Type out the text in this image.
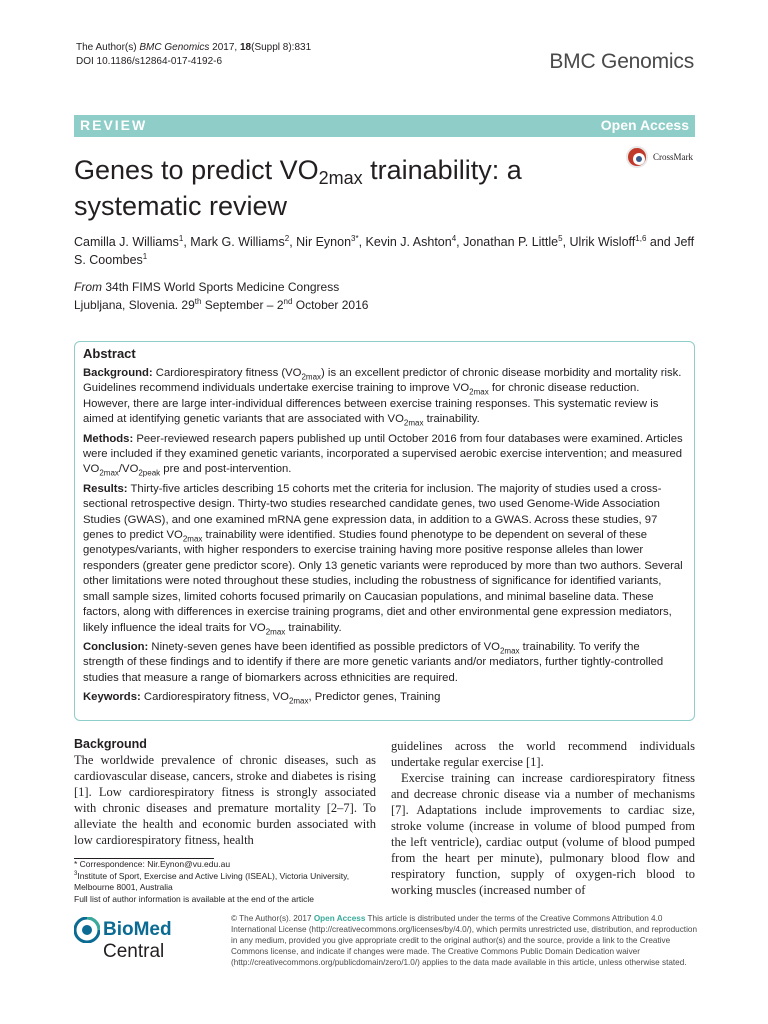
The Author(s) BMC Genomics 2017, 18(Suppl 8):831
DOI 10.1186/s12864-017-4192-6	BMC Genomics
REVIEW	Open Access
Genes to predict $VO_{2max}$ trainability: a systematic review
CrossMark
Camilla J. Williams$^1$, Mark G. Williams$^2$, Nir Eynon$^{3*}$, Kevin J. Ashton$^4$, Jonathan P. Little$^5$, Ulrik Wisloff$^{1,6}$ and Jeff S. Coombes$^1$
From 34th FIMS World Sports Medicine Congress
Ljubljana, Slovenia. 29th September – 2nd October 2016
Abstract

Background: Cardiorespiratory fitness $(VO_{2max})$ is an excellent predictor of chronic disease morbidity and mortality risk. Guidelines recommend individuals undertake exercise training to improve $VO_{2max}$ for chronic disease reduction. However, there are large inter-individual differences between exercise training responses. This systematic review is aimed at identifying genetic variants that are associated with $VO_{2max}$ trainability.

Methods: Peer-reviewed research papers published up until October 2016 from four databases were examined. Articles were included if they examined genetic variants, incorporated a supervised aerobic exercise intervention; and measured $VO_{2max}/VO_{2peak}$ pre and post-intervention.

Results: Thirty-five articles describing 15 cohorts met the criteria for inclusion. The majority of studies used a cross-sectional retrospective design. Thirty-two studies researched candidate genes, two used Genome-Wide Association Studies (GWAS), and one examined mRNA gene expression data, in addition to a GWAS. Across these studies, 97 genes to predict $VO_{2max}$ trainability were identified. Studies found phenotype to be dependent on several of these genotypes/variants, with higher responders to exercise training having more positive response alleles than lower responders (greater gene predictor score). Only 13 genetic variants were reproduced by more than two authors. Several other limitations were noted throughout these studies, including the robustness of significance for identified variants, small sample sizes, limited cohorts focused primarily on Caucasian populations, and minimal baseline data. These factors, along with differences in exercise training programs, diet and other environmental gene expression mediators, likely influence the ideal traits for $VO_{2max}$ trainability.

Conclusion: Ninety-seven genes have been identified as possible predictors of $VO_{2max}$ trainability. To verify the strength of these findings and to identify if there are more genetic variants and/or mediators, further tightly-controlled studies that measure a range of biomarkers across ethnicities are required.

Keywords: Cardiorespiratory fitness, $VO_{2max}$, Predictor genes, Training

Background

The worldwide prevalence of chronic diseases, such as cardiovascular disease, cancers, stroke and diabetes is rising [1]. Low cardiorespiratory fitness is strongly associated with chronic diseases and premature mortality [2–7]. To alleviate the health and economic burden associated with low cardiorespiratory fitness, health

guidelines across the world recommend individuals undertake regular exercise [1].

Exercise training can increase cardiorespiratory fitness and decrease chronic disease via a number of mechanisms [7]. Adaptations include improvements to cardiac size, stroke volume (increase in volume of blood pumped from the left ventricle), cardiac output (volume of blood pumped from the heart per minute), pulmonary blood flow and respiratory function, supply of oxygen-rich blood to working muscles (increased number of

* Correspondence: Nir.Eynon@vu.edu.au

$^3$Institute of Sport, Exercise and Active Living (ISEAL), Victoria University, Melbourne 8001, Australia

Full list of author information is available at the end of the article

BioMed Central
© The Author(s). 2017 Open Access This article is distributed under the terms of the Creative Commons Attribution 4.0 International License (http://creativecommons.org/licenses/by/4.0/), which permits unrestricted use, distribution, and reproduction in any medium, provided you give appropriate credit to the original author(s) and the source, provide a link to the Creative Commons license, and indicate if changes were made. The Creative Commons Public Domain Dedication waiver (http://creativecommons.org/publicdomain/zero/1.0/) applies to the data made available in this article, unless otherwise stated.
